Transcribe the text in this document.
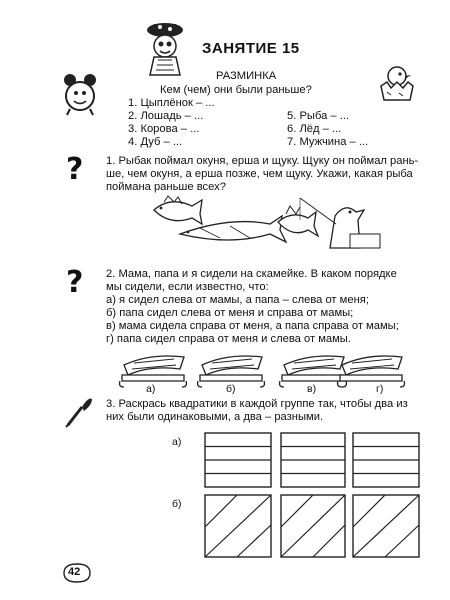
ЗАНЯТИЕ 15
РАЗМИНКА
Кем (чем) они были раньше?
1. Цыплёнок – ...
2. Лошадь – ...
3. Корова – ...
4. Дуб – ...
5. Рыба – ...
6. Лёд – ...
7. Мужчина – ...
? 1. Рыбак поймал окуня, ерша и щуку. Щуку он поймал рань-
ше, чем окуня, а ерша позже, чем щуку. Укажи, какая рыба
поймана раньше всех?
? 2. Мама, папа и я сидели на скамейке. В каком порядке
мы сидели, если известно, что:
а) я сидел слева от мамы, а папа – слева от меня;
б) папа сидел слева от меня и справа от мамы;
в) мама сидела справа от меня, а папа справа от мамы;
г) папа сидел справа от меня и слева от мамы.
а)	б)	в)	г)
3. Раскрась квадратики в каждой группе так, чтобы два из
них были одинаковыми, а два – разными.
а)
б)
42
